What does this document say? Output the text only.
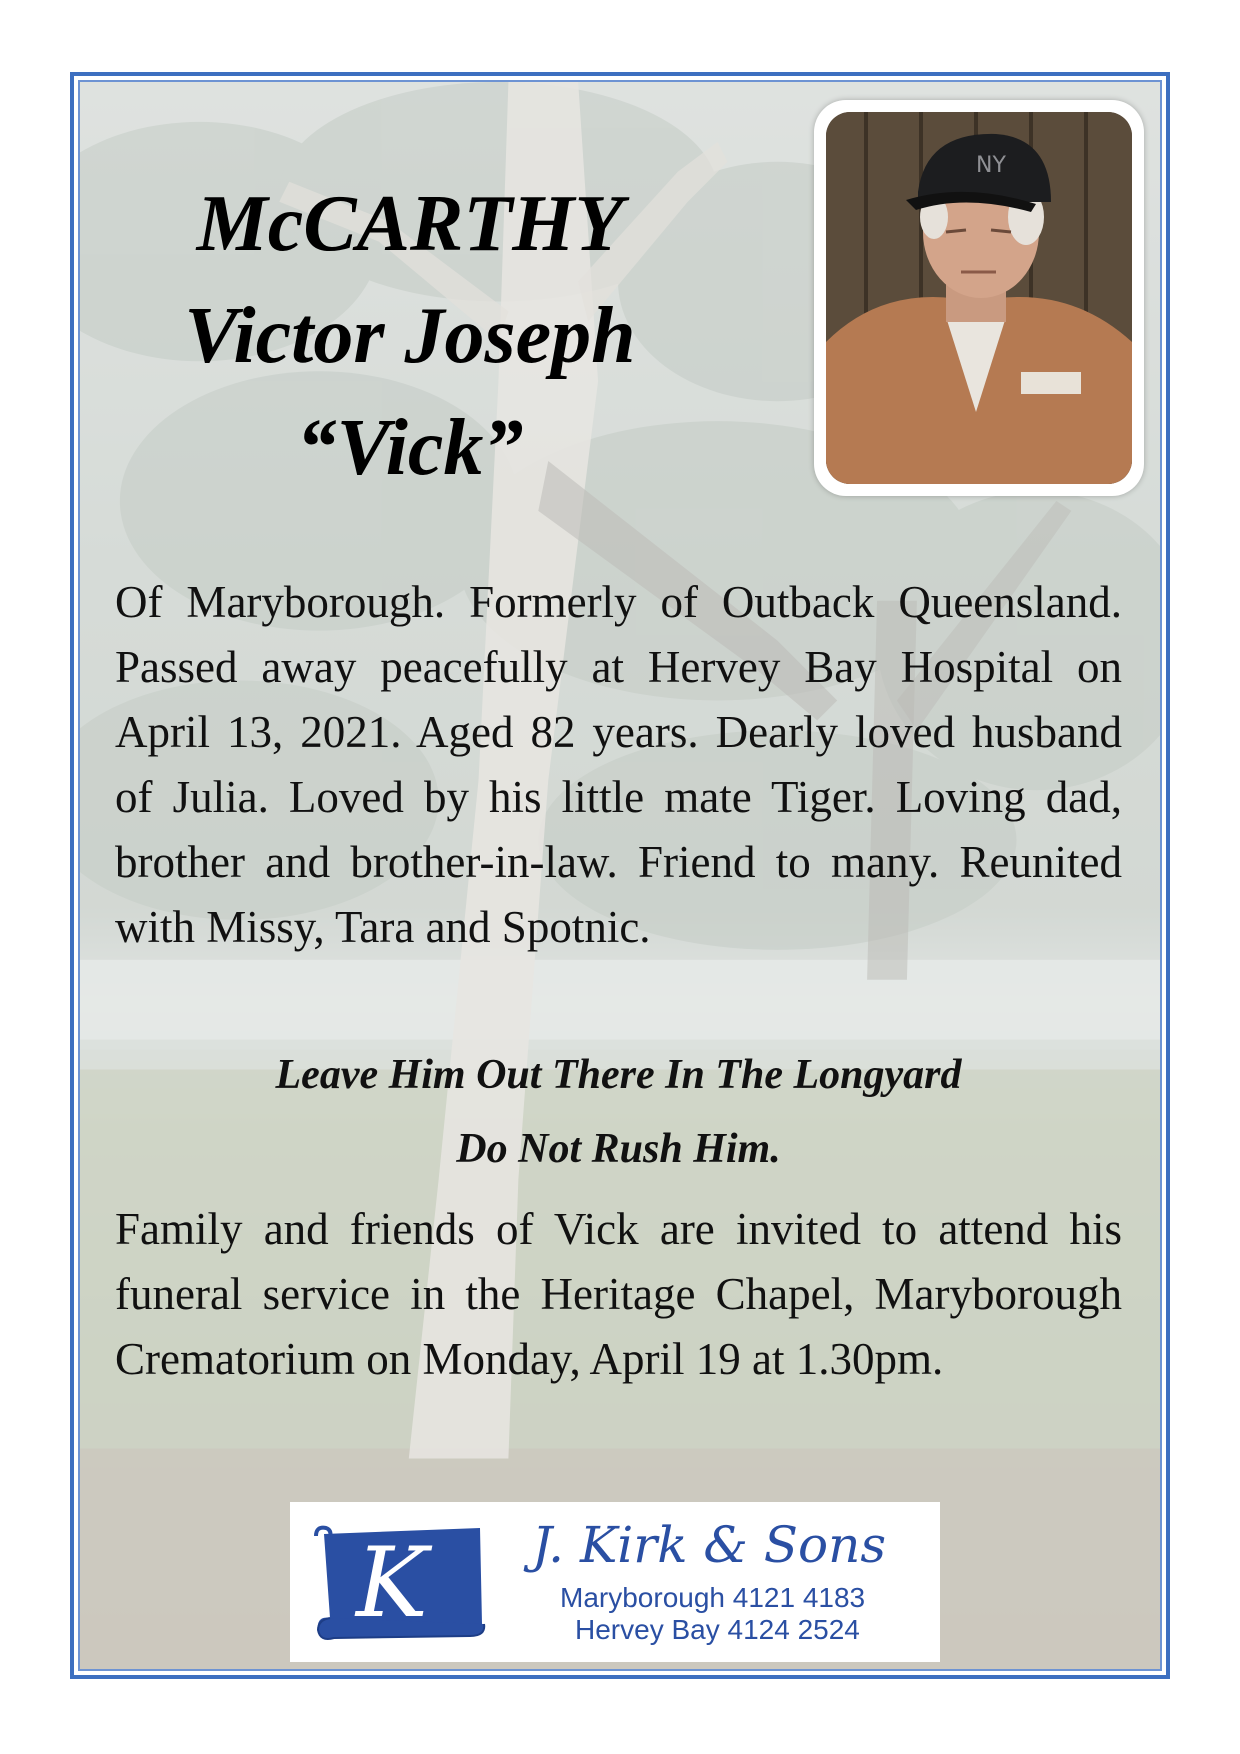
McCARTHY
Victor Joseph
“Vick”
NY
Of Maryborough. Formerly of Outback Queensland. Passed away peacefully at Hervey Bay Hospital on April 13, 2021. Aged 82 years. Dearly loved husband of Julia. Loved by his little mate Tiger. Loving dad, brother and brother-in-law. Friend to many. Reunited with Missy, Tara and Spotnic.
Leave Him Out There In The Longyard
Do Not Rush Him.
Family and friends of Vick are invited to attend his funeral service in the Heritage Chapel, Maryborough Crematorium on Monday, April 19 at 1.30pm.
K J. Kirk & Sons
Maryborough 4121 4183
Hervey Bay 4124 2524
